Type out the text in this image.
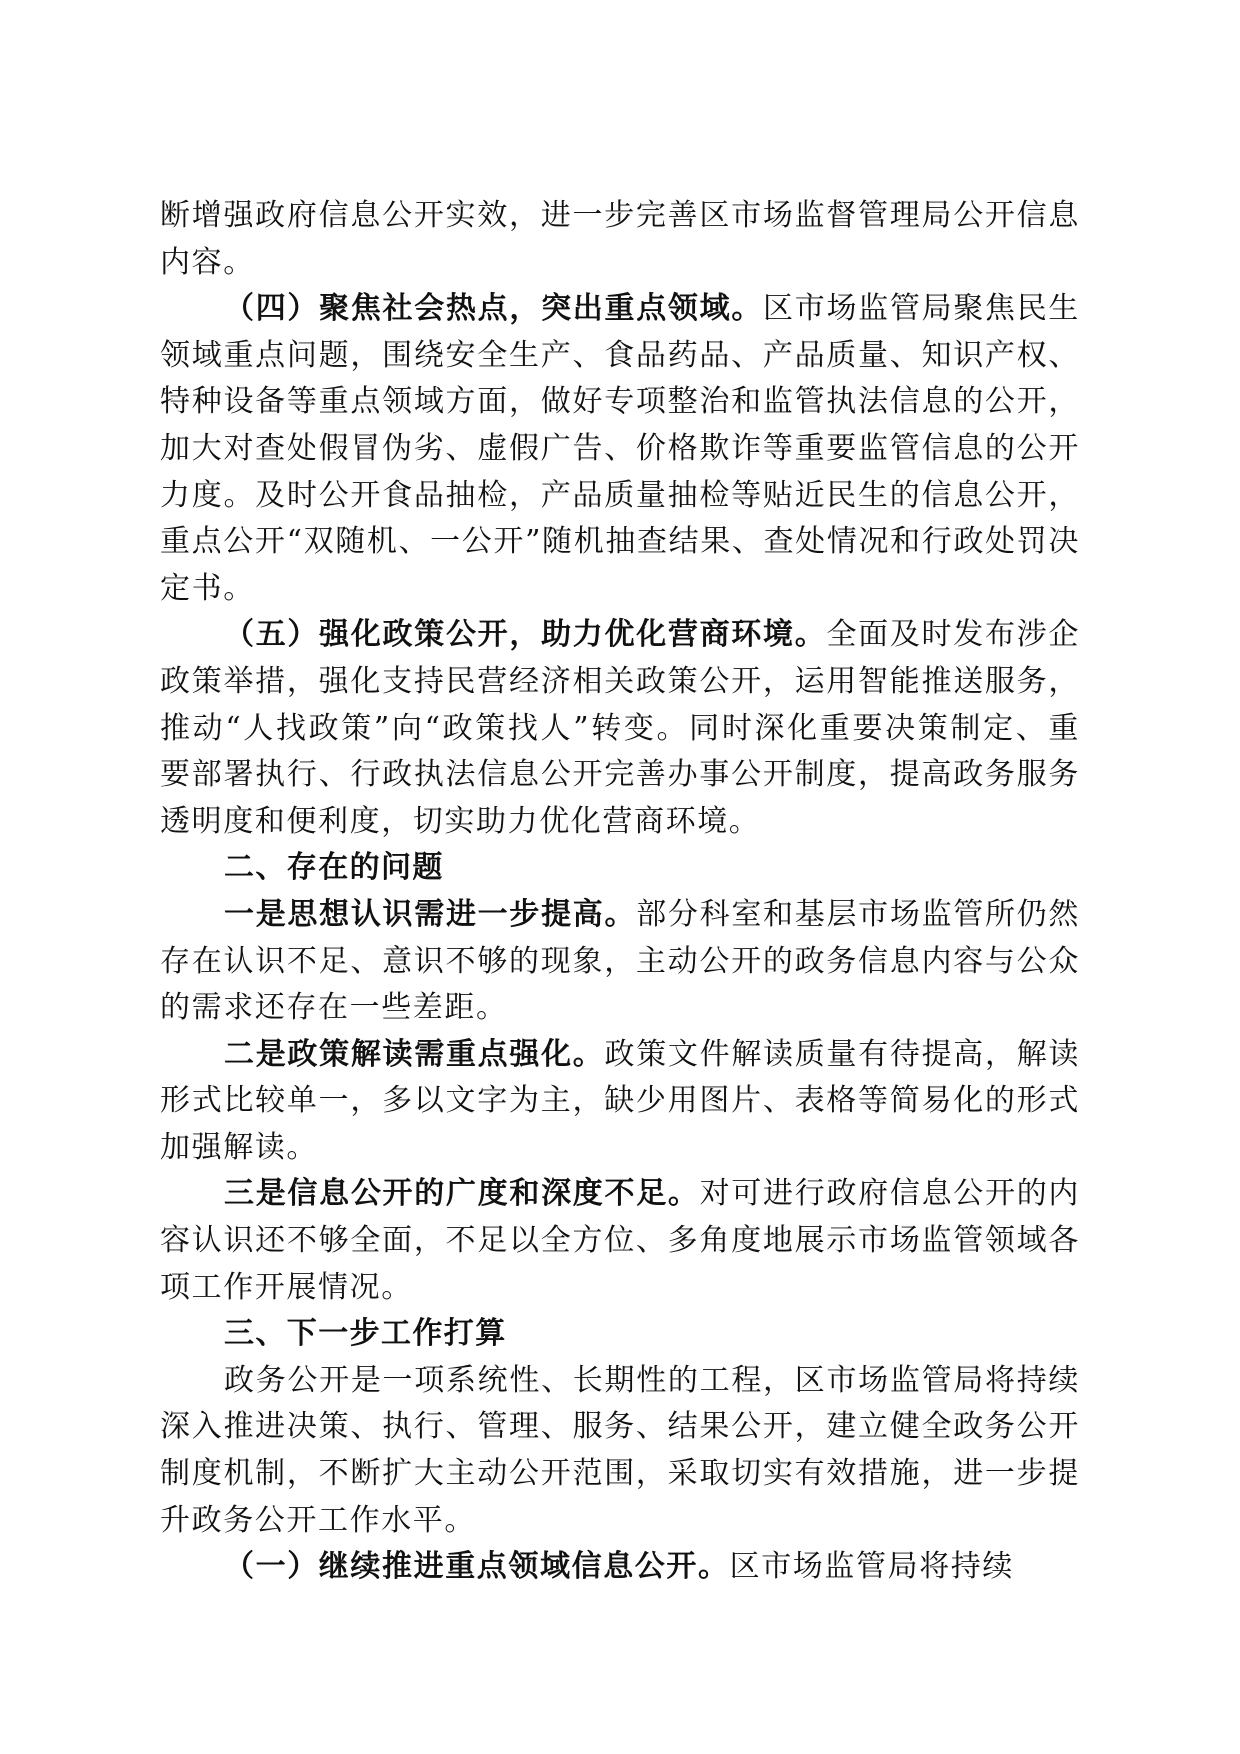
断增强政府信息公开实效，进一步完善区市场监督管理局公开信息内容。

（四）聚焦社会热点，突出重点领域。区市场监管局聚焦民生领域重点问题，围绕安全生产、食品药品、产品质量、知识产权、特种设备等重点领域方面，做好专项整治和监管执法信息的公开，加大对查处假冒伪劣、虚假广告、价格欺诈等重要监管信息的公开力度。及时公开食品抽检，产品质量抽检等贴近民生的信息公开，重点公开“双随机、一公开”随机抽查结果、查处情况和行政处罚决定书。

（五）强化政策公开，助力优化营商环境。全面及时发布涉企政策举措，强化支持民营经济相关政策公开，运用智能推送服务，推动“人找政策”向“政策找人”转变。同时深化重要决策制定、重要部署执行、行政执法信息公开完善办事公开制度，提高政务服务透明度和便利度，切实助力优化营商环境。

二、存在的问题

一是思想认识需进一步提高。部分科室和基层市场监管所仍然存在认识不足、意识不够的现象，主动公开的政务信息内容与公众的需求还存在一些差距。

二是政策解读需重点强化。政策文件解读质量有待提高，解读形式比较单一，多以文字为主，缺少用图片、表格等简易化的形式加强解读。

三是信息公开的广度和深度不足。对可进行政府信息公开的内容认识还不够全面，不足以全方位、多角度地展示市场监管领域各项工作开展情况。

三、下一步工作打算

政务公开是一项系统性、长期性的工程，区市场监管局将持续深入推进决策、执行、管理、服务、结果公开，建立健全政务公开制度机制，不断扩大主动公开范围，采取切实有效措施，进一步提升政务公开工作水平。

（一）继续推进重点领域信息公开。区市场监管局将持续
